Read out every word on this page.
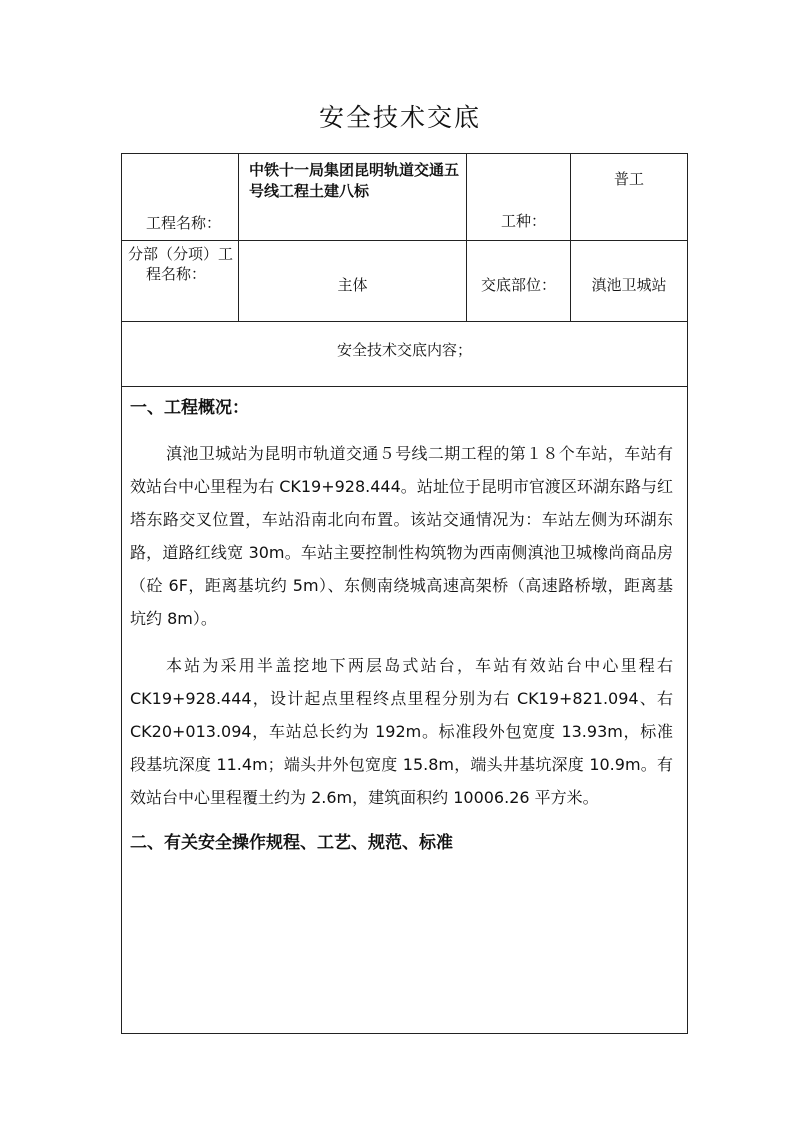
安全技术交底
工程名称：	中铁十一局集团昆明轨道交通五号线工程土建八标	工种：	普工

分部（分项）工
程名称：	主体	交底部位：	滇池卫城站
安全技术交底内容；			

一、工程概况：

滇池卫城站为昆明市轨道交通５号线二期工程的第１８个车站，车站有效站台中心里程为右 CK19+928.444。站址位于昆明市官渡区环湖东路与红塔东路交叉位置，车站沿南北向布置。该站交通情况为：车站左侧为环湖东路，道路红线宽 30m。车站主要控制性构筑物为西南侧滇池卫城橡尚商品房（砼 6F，距离基坑约 5m）、东侧南绕城高速高架桥（高速路桥墩，距离基坑约 8m）。

本站为采用半盖挖地下两层岛式站台，车站有效站台中心里程右 CK19+928.444，设计起点里程终点里程分别为右 CK19+821.094、右 CK20+013.094，车站总长约为 192m。标准段外包宽度 13.93m，标准段基坑深度 11.4m；端头井外包宽度 15.8m，端头井基坑深度 10.9m。有效站台中心里程覆土约为 2.6m，建筑面积约 10006.26 平方米。

二、有关安全操作规程、工艺、规范、标准			
